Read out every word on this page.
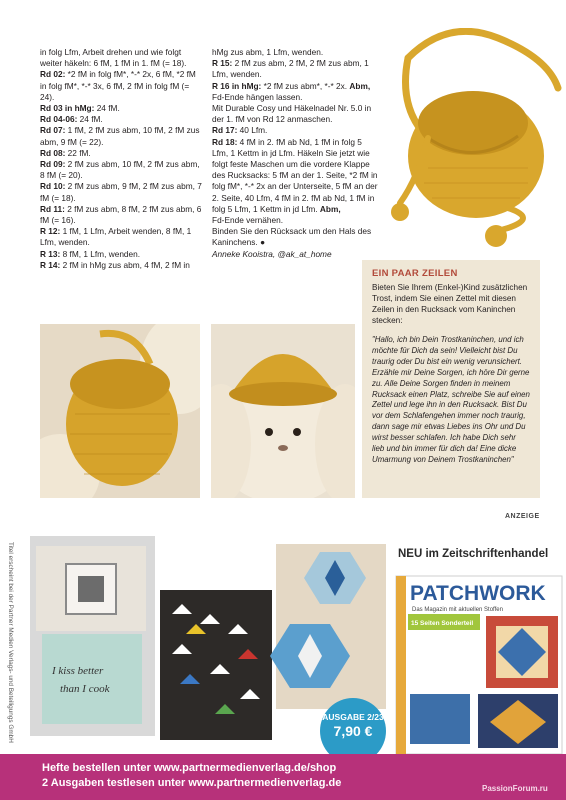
in folg Lfm, Arbeit drehen und wie folgt weiter häkeln: 6 fM, 1 fM in 1. fM (= 18).

Rd 02: *2 fM in folg fM*, *-* 2x, 6 fM, *2 fM in folg fM*, *-* 3x, 6 fM, 2 fM in folg fM (= 24).

Rd 03 in hMg: 24 fM.

Rd 04-06: 24 fM.

Rd 07: 1 fM, 2 fM zus abm, 10 fM, 2 fM zus abm, 9 fM (= 22).

Rd 08: 22 fM.

Rd 09: 2 fM zus abm, 10 fM, 2 fM zus abm, 8 fM (= 20).

Rd 10: 2 fM zus abm, 9 fM, 2 fM zus abm, 7 fM (= 18).

Rd 11: 2 fM zus abm, 8 fM, 2 fM zus abm, 6 fM (= 16).

R 12: 1 fM, 1 Lfm, Arbeit wenden, 8 fM, 1 Lfm, wenden.

R 13: 8 fM, 1 Lfm, wenden.

R 14: 2 fM in hMg zus abm, 4 fM, 2 fM in

hMg zus abm, 1 Lfm, wenden.

R 15: 2 fM zus abm, 2 fM, 2 fM zus abm, 1 Lfm, wenden.

R 16 in hMg: *2 fM zus abm*, *-* 2x. Abm,

Fd-Ende hängen lassen.

Mit Durable Cosy und Häkelnadel Nr. 5.0 in der 1. fM von Rd 12 anmaschen.

Rd 17: 40 Lfm.

Rd 18: 4 fM in 2. fM ab Nd, 1 fM in folg 5 Lfm, 1 Kettm in jd Lfm. Häkeln Sie jetzt wie folgt feste Maschen um die vordere Klappe des Rucksacks: 5 fM an der 1. Seite, *2 fM in folg fM*, *-* 2x an der Unterseite, 5 fM an der 2. Seite, 40 Lfm, 4 fM in 2. fM ab Nd, 1 fM in folg 5 Lfm, 1 Kettm in jd Lfm. Abm,

Fd-Ende vernähen.

Binden Sie den Rücksack um den Hals des Kaninchens. ●

Anneke Kooistra, @ak_at_home

EIN PAAR ZEILEN

Bieten Sie Ihrem (Enkel-)Kind zusätzlichen Trost, indem Sie einen Zettel mit diesen Zeilen in den Rucksack vom Kaninchen stecken:

"Hallo, ich bin Dein Trostkaninchen, und ich möchte für Dich da sein! Vielleicht bist Du traurig oder Du bist ein wenig verunsichert. Erzähle mir Deine Sorgen, ich höre Dir gerne zu. Alle Deine Sorgen finden in meinem Rucksack einen Platz, schreibe Sie auf einen Zettel und lege ihn in den Rucksack. Bist Du vor dem Schlafengehen immer noch traurig, dann sage mir etwas Liebes ins Ohr und Du wirst besser schlafen. Ich habe Dich sehr lieb und bin immer für dich da! Eine dicke Umarmung von Deinem Trostkaninchen"

ANZEIGE
I kiss better
than I cook
PATCHWORK
Das Magazin mit aktuellen Stoffen
15 Seiten Sonderteil
Titel erscheint bei der Partner Medien Verlags- und Beteiligungs GmbH	NEU im Zeitschriftenhandel
AUSGABE 2/23
7,90 €
Hefte bestellen unter www.partnermedienverlag.de/shop
2 Ausgaben testlesen unter www.partnermedienverlag.de	PassionForum.ru
